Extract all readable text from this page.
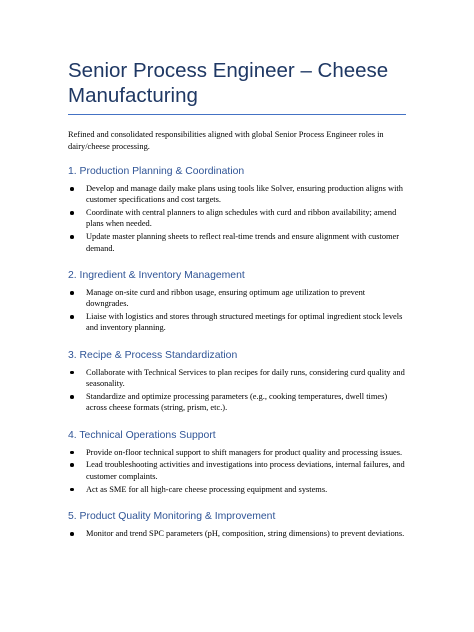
Senior Process Engineer – Cheese Manufacturing

Refined and consolidated responsibilities aligned with global Senior Process Engineer roles in dairy/cheese processing.

1. Production Planning & Coordination
Develop and manage daily make plans using tools like Solver, ensuring production aligns with customer specifications and cost targets.
Coordinate with central planners to align schedules with curd and ribbon availability; amend plans when needed.
Update master planning sheets to reflect real-time trends and ensure alignment with customer demand.
2. Ingredient & Inventory Management
Manage on-site curd and ribbon usage, ensuring optimum age utilization to prevent downgrades.
Liaise with logistics and stores through structured meetings for optimal ingredient stock levels and inventory planning.
3. Recipe & Process Standardization
Collaborate with Technical Services to plan recipes for daily runs, considering curd quality and seasonality.
Standardize and optimize processing parameters (e.g., cooking temperatures, dwell times) across cheese formats (string, prism, etc.).
4. Technical Operations Support
Provide on-floor technical support to shift managers for product quality and processing issues.
Lead troubleshooting activities and investigations into process deviations, internal failures, and customer complaints.
Act as SME for all high-care cheese processing equipment and systems.
5. Product Quality Monitoring & Improvement
Monitor and trend SPC parameters (pH, composition, string dimensions) to prevent deviations.
